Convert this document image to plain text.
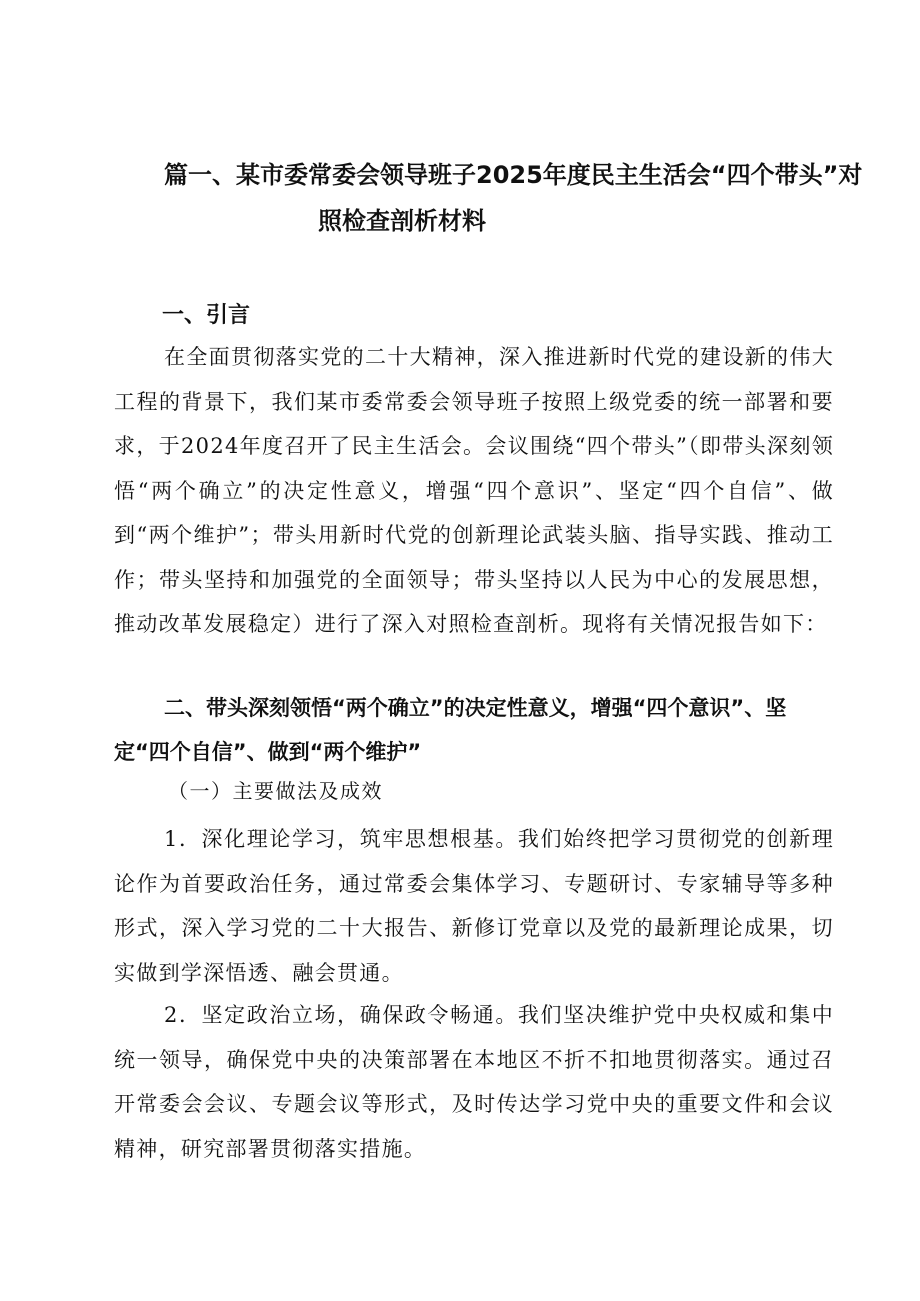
篇一、某市委常委会领导班子2025年度民主生活会“四个带头”对
照检查剖析材料
一、引言

在全面贯彻落实党的二十大精神，深入推进新时代党的建设新的伟大工程的背景下，我们某市委常委会领导班子按照上级党委的统一部署和要求，于2024年度召开了民主生活会。会议围绕“四个带头”（即带头深刻领悟“两个确立”的决定性意义，增强“四个意识”、坚定“四个自信”、做到“两个维护”；带头用新时代党的创新理论武装头脑、指导实践、推动工作；带头坚持和加强党的全面领导；带头坚持以人民为中心的发展思想，推动改革发展稳定）进行了深入对照检查剖析。现将有关情况报告如下：

二、带头深刻领悟“两个确立”的决定性意义，增强“四个意识”、坚定“四个自信”、做到“两个维护”
（一）主要做法及成效

1．深化理论学习，筑牢思想根基。我们始终把学习贯彻党的创新理论作为首要政治任务，通过常委会集体学习、专题研讨、专家辅导等多种形式，深入学习党的二十大报告、新修订党章以及党的最新理论成果，切实做到学深悟透、融会贯通。

2．坚定政治立场，确保政令畅通。我们坚决维护党中央权威和集中统一领导，确保党中央的决策部署在本地区不折不扣地贯彻落实。通过召开常委会会议、专题会议等形式，及时传达学习党中央的重要文件和会议精神，研究部署贯彻落实措施。
